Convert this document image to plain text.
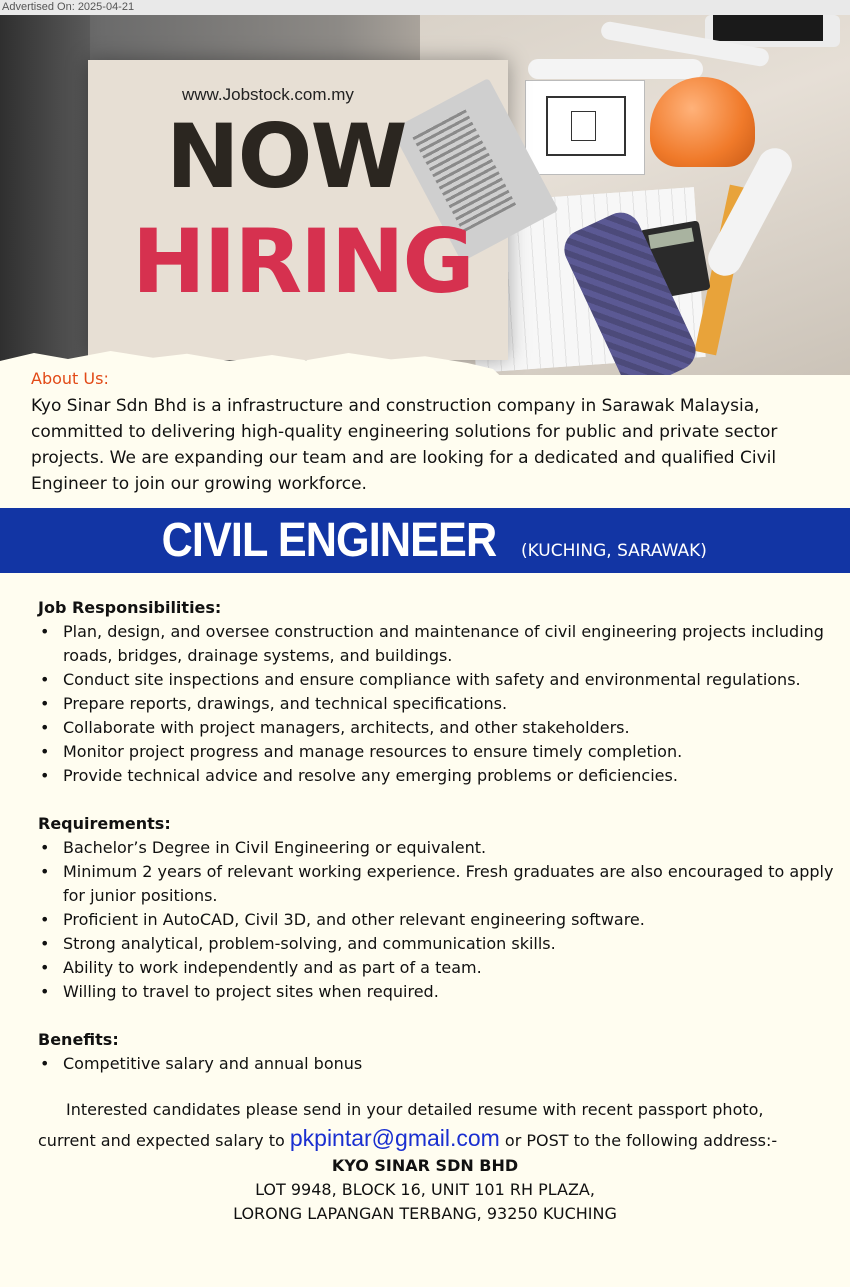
Advertised On: 2025-04-21
www.Jobstock.com.my
NOW
HIRING
About Us:
Kyo Sinar Sdn Bhd is a infrastructure and construction company in Sarawak Malaysia, committed to delivering high-quality engineering solutions for public and private sector projects. We are expanding our team and are looking for a dedicated and qualified Civil Engineer to join our growing workforce.
CIVIL ENGINEER (KUCHING, SARAWAK)
Job Responsibilities:
• Plan, design, and oversee construction and maintenance of civil engineering projects including roads, bridges, drainage systems, and buildings.
• Conduct site inspections and ensure compliance with safety and environmental regulations.
• Prepare reports, drawings, and technical specifications.
• Collaborate with project managers, architects, and other stakeholders.
• Monitor project progress and manage resources to ensure timely completion.
• Provide technical advice and resolve any emerging problems or deficiencies.
Requirements:
• Bachelor’s Degree in Civil Engineering or equivalent.
• Minimum 2 years of relevant working experience. Fresh graduates are also encouraged to apply for junior positions.
• Proficient in AutoCAD, Civil 3D, and other relevant engineering software.
• Strong analytical, problem-solving, and communication skills.
• Ability to work independently and as part of a team.
• Willing to travel to project sites when required.
Benefits:
• Competitive salary and annual bonus
Interested candidates please send in your detailed resume with recent passport photo,
current and expected salary to pkpintar@gmail.com or POST to the following address:-
KYO SINAR SDN BHD
LOT 9948, BLOCK 16, UNIT 101 RH PLAZA,
LORONG LAPANGAN TERBANG, 93250 KUCHING
